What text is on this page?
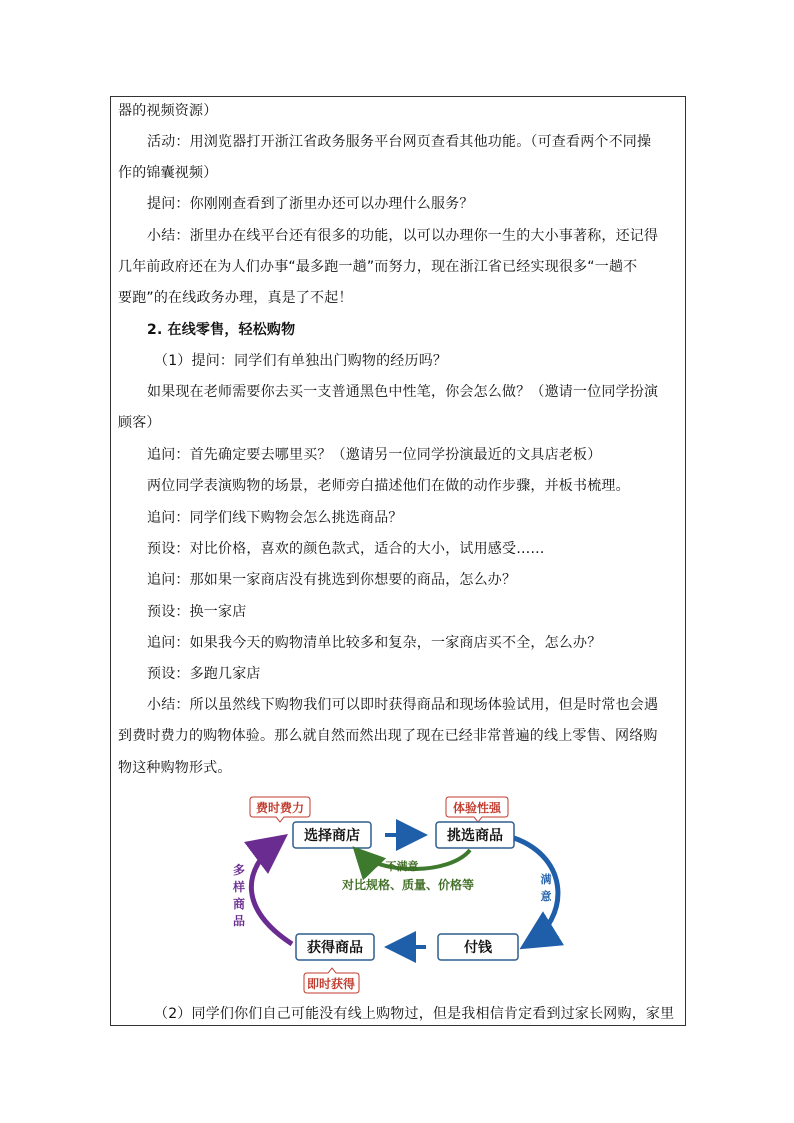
器的视频资源）
活动：用浏览器打开浙江省政务服务平台网页查看其他功能。（可查看两个不同操
作的锦囊视频）
提问：你刚刚查看到了浙里办还可以办理什么服务？
小结：浙里办在线平台还有很多的功能，以可以办理你一生的大小事著称，还记得
几年前政府还在为人们办事“最多跑一趟”而努力，现在浙江省已经实现很多“一趟不
要跑”的在线政务办理，真是了不起！
2. 在线零售，轻松购物
（1）提问：同学们有单独出门购物的经历吗？
如果现在老师需要你去买一支普通黑色中性笔，你会怎么做？（邀请一位同学扮演
顾客）
追问：首先确定要去哪里买？（邀请另一位同学扮演最近的文具店老板）
两位同学表演购物的场景，老师旁白描述他们在做的动作步骤，并板书梳理。
追问：同学们线下购物会怎么挑选商品？
预设：对比价格，喜欢的颜色款式，适合的大小，试用感受……
追问：那如果一家商店没有挑选到你想要的商品，怎么办？
预设：换一家店
追问：如果我今天的购物清单比较多和复杂，一家商店买不全，怎么办？
预设：多跑几家店
小结：所以虽然线下购物我们可以即时获得商品和现场体验试用，但是时常也会遇
到费时费力的购物体验。那么就自然而然出现了现在已经非常普遍的线上零售、网络购
物这种购物形式。
（2）同学们你们自己可能没有线上购物过，但是我相信肯定看到过家长网购，家里
费时费力	体验性强
即时获得
选择商店	挑选商品
付钱
获得商品
不满意
对比规格、质量、价格等	满
意
多
样
商
品
